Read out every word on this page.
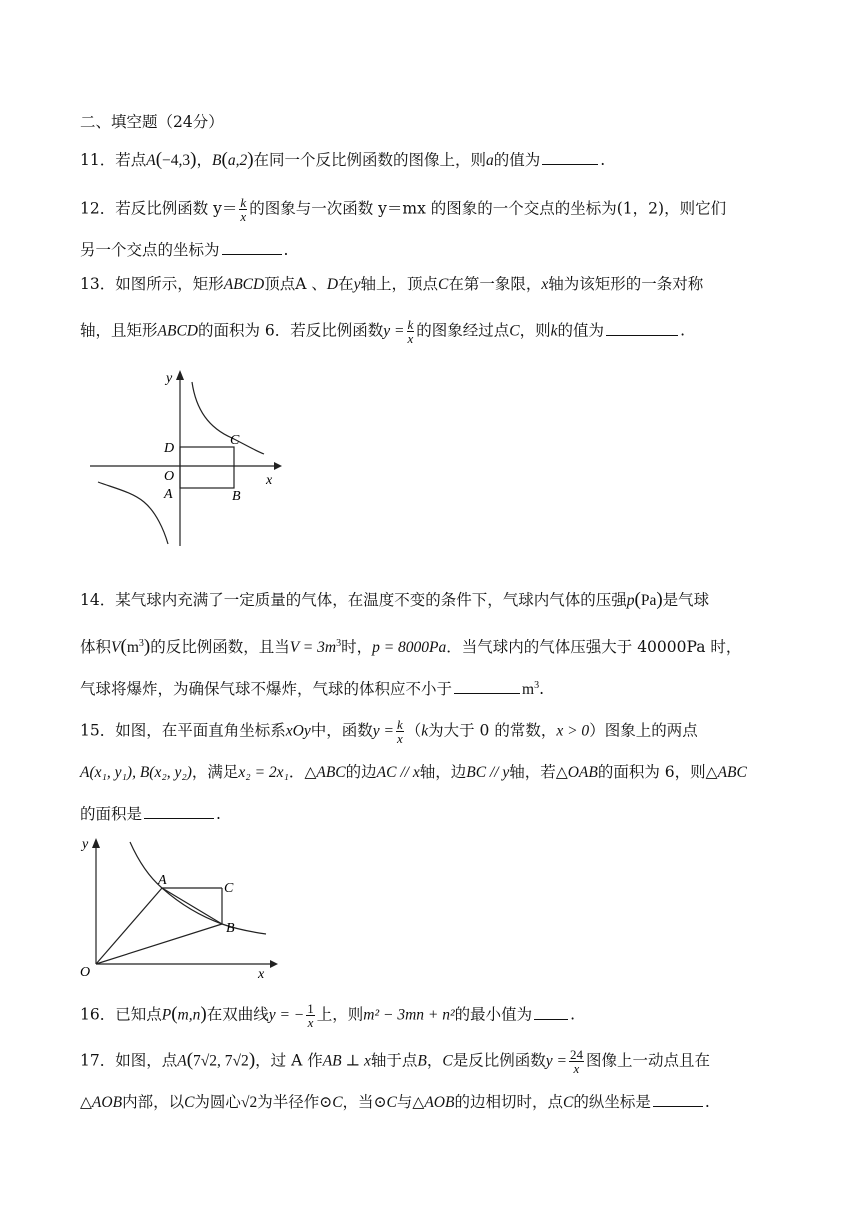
二、填空题（24分）
11．若点A(−4,3)，B(a,2)在同一个反比例函数的图像上，则a的值为	.
12．若反比例函数 $y= \frac{k}{x}$ 的图象与一次函数 y＝mx 的图象的一个交点的坐标为(1，2)，则它们
另一个交点的坐标为	.
13．如图所示，矩形ABCD顶点A 、D在y轴上，顶点C在第一象限，x轴为该矩形的一条对称
轴，且矩形ABCD的面积为 6．若反比例函数$y = \frac{k}{x}$ 的图象经过点C，则k的值为	.
y
x
D
C
O
A	B
14．某气球内充满了一定质量的气体，在温度不变的条件下，气球内气体的压强p(Pa)是气球
体积$V(m^3)$的反比例函数，且当$V = 3m^3$时，p = 8000Pa．当气球内的气体压强大于 40000Pa 时，
气球将爆炸，为确保气球不爆炸，气球的体积应不小于	$m^3$.
15．如图，在平面直角坐标系xOy中，函数$y = \frac{k}{x} (k$为大于 0 的常数，x > 0）图象上的两点
A(x₁, y₁), B(x₂, y₂)，满足x₂ = 2x₁．△ABC的边AC // x轴，边BC // y轴，若△OAB的面积为 6，则△ABC
的面积是	.
y
x
O
A
B
C
16．已知点P(m,n)在双曲线y = − $\frac{1}{x}$ 上，则m² − 3mn + n²的最小值为 .
17．如图，点A(7√2, 7√2)，过 A 作AB ⊥ x轴于点B，C是反比例函数$y = \frac{24}{x}$ 图像上一动点且在
△AOB内部，以C为圆心√2为半径作⊙C，当⊙C与△AOB的边相切时，点C的纵坐标是	.
